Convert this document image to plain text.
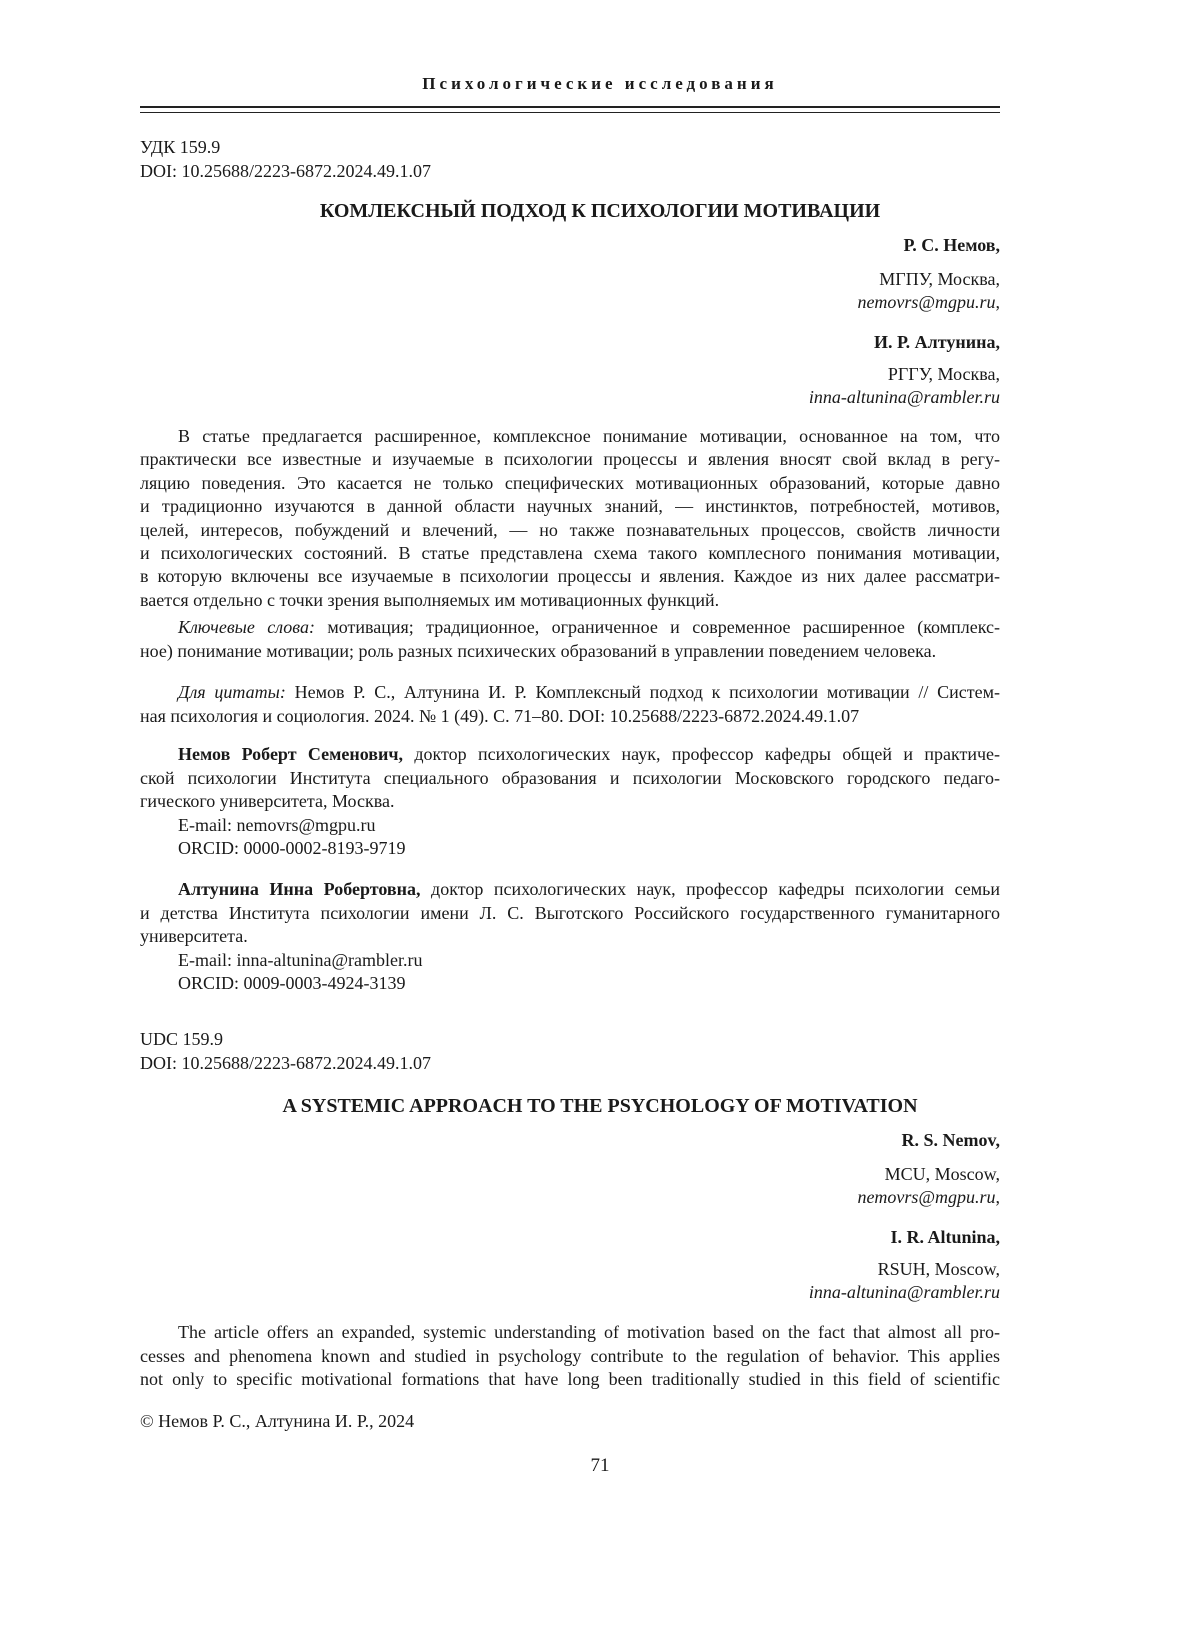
Психологические исследования
УДК 159.9
DOI: 10.25688/2223-6872.2024.49.1.07
КОМЛЕКСНЫЙ ПОДХОД К ПСИХОЛОГИИ МОТИВАЦИИ
Р. С. Немов,
МГПУ, Москва,
nemovrs@mgpu.ru,
И. Р. Алтунина,
РГГУ, Москва,
inna-altunina@rambler.ru
В статье предлагается расширенное, комплексное понимание мотивации, основанное на том, что
практически все известные и изучаемые в психологии процессы и явления вносят свой вклад в регу-
ляцию поведения. Это касается не только специфических мотивационных образований, которые давно
и традиционно изучаются в данной области научных знаний, — инстинктов, потребностей, мотивов,
целей, интересов, побуждений и влечений, — но также познавательных процессов, свойств личности
и психологических состояний. В статье представлена схема такого комплесного понимания мотивации,
в которую включены все изучаемые в психологии процессы и явления. Каждое из них далее рассматри-
вается отдельно с точки зрения выполняемых им мотивационных функций.
Ключевые слова: мотивация; традиционное, ограниченное и современное расширенное (комплекс-
ное) понимание мотивации; роль разных психических образований в управлении поведением человека.
Для цитаты: Немов Р. С., Алтунина И. Р. Комплексный подход к психологии мотивации // Систем-
ная психология и социология. 2024. № 1 (49). С. 71–80. DOI: 10.25688/2223-6872.2024.49.1.07
Немов Роберт Семенович, доктор психологических наук, профессор кафедры общей и практиче-
ской психологии Института специального образования и психологии Московского городского педаго-
гического университета, Москва.
E-mail: nemovrs@mgpu.ru
ORCID: 0000-0002-8193-9719
Алтунина Инна Робертовна, доктор психологических наук, профессор кафедры психологии семьи
и детства Института психологии имени Л. С. Выготского Российского государственного гуманитарного
университета.
E-mail: inna-altunina@rambler.ru
ORCID: 0009-0003-4924-3139
UDC 159.9
DOI: 10.25688/2223-6872.2024.49.1.07
A SYSTEMIC APPROACH TO THE PSYCHOLOGY OF MOTIVATION
R. S. Nemov,
MCU, Moscow,
nemovrs@mgpu.ru,
I. R. Altunina,
RSUH, Moscow,
inna-altunina@rambler.ru
The article offers an expanded, systemic understanding of motivation based on the fact that almost all pro-
cesses and phenomena known and studied in psychology contribute to the regulation of behavior. This applies
not only to specific motivational formations that have long been traditionally studied in this field of scientific
© Немов Р. С., Алтунина И. Р., 2024
71
